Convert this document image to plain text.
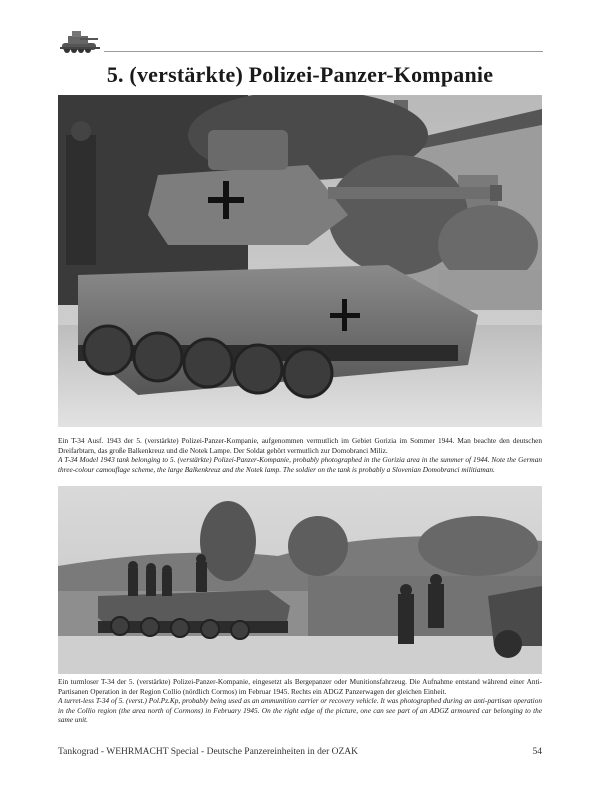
5. (verstärkte) Polizei-Panzer-Kompanie

Ein T-34 Ausf. 1943 der 5. (verstärkte) Polizei-Panzer-Kompanie, aufgenommen vermutlich im Gebiet Gorizia im Sommer 1944. Man beachte den deutschen Dreifarbtarn, das große Balkenkreuz und die Notek Lampe. Der Soldat gehört vermutlich zur Domobranci Miliz.

A T-34 Model 1943 tank belonging to 5. (verstärkte) Polizei-Panzer-Kompanie, probably photographed in the Gorizia area in the summer of 1944. Note the German three-colour camouflage scheme, the large Balkenkreuz and the Notek lamp. The soldier on the tank is probably a Slovenian Domobranci militiaman.

Ein turmloser T-34 der 5. (verstärkte) Polizei-Panzer-Kompanie, eingesetzt als Bergepanzer oder Munitionsfahrzeug. Die Aufnahme entstand während einer Anti-Partisanen Operation in der Region Collio (nördlich Cormos) im Februar 1945. Rechts ein ADGZ Panzerwagen der gleichen Einheit.

A turret-less T-34 of 5. (verst.) Pol.Pz.Kp, probably being used as an ammunition carrier or recovery vehicle. It was photographed during an anti-partisan operation in the Collio region (the area north of Cormons) in February 1945. On the right edge of the picture, one can see part of an ADGZ armoured car belonging to the same unit.

Tankograd - WEHRMACHT Special - Deutsche Panzereinheiten in der OZAK	54
